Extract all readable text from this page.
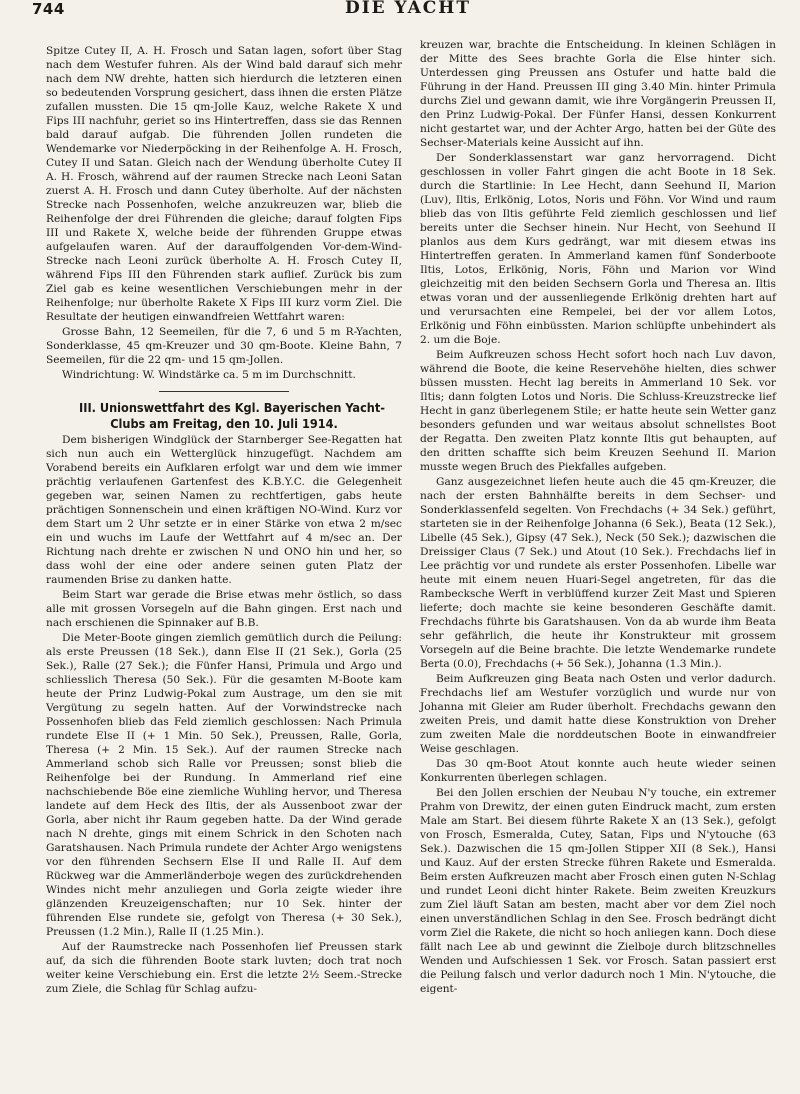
744	DIE YACHT

Spitze Cutey II, A. H. Frosch und Satan lagen, sofort über Stag nach dem Westufer fuhren. Als der Wind bald darauf sich mehr nach dem NW drehte, hatten sich hierdurch die letzteren einen so bedeutenden Vorsprung gesichert, dass ihnen die ersten Plätze zufallen mussten. Die 15 qm-Jolle Kauz, welche Rakete X und Fips III nachfuhr, geriet so ins Hintertreffen, dass sie das Rennen bald darauf aufgab. Die führenden Jollen rundeten die Wendemarke vor Niederpöcking in der Reihenfolge A. H. Frosch, Cutey II und Satan. Gleich nach der Wendung überholte Cutey II A. H. Frosch, während auf der raumen Strecke nach Leoni Satan zuerst A. H. Frosch und dann Cutey überholte. Auf der nächsten Strecke nach Possenhofen, welche anzukreuzen war, blieb die Reihenfolge der drei Führenden die gleiche; darauf folgten Fips III und Rakete X, welche beide der führenden Gruppe etwas aufgelaufen waren. Auf der darauffolgenden Vor-dem-Wind-Strecke nach Leoni zurück überholte A. H. Frosch Cutey II, während Fips III den Führenden stark auflief. Zurück bis zum Ziel gab es keine wesentlichen Verschiebungen mehr in der Reihenfolge; nur überholte Rakete X Fips III kurz vorm Ziel. Die Resultate der heutigen einwandfreien Wettfahrt waren:

Grosse Bahn, 12 Seemeilen, für die 7, 6 und 5 m R-Yachten, Sonderklasse, 45 qm-Kreuzer und 30 qm-Boote. Kleine Bahn, 7 Seemeilen, für die 22 qm- und 15 qm-Jollen.

Windrichtung: W. Windstärke ca. 5 m im Durchschnitt.

III. Unionswettfahrt des Kgl. Bayerischen Yacht-Clubs am Freitag, den 10. Juli 1914.

Dem bisherigen Windglück der Starnberger See-Regatten hat sich nun auch ein Wetterglück hinzugefügt. Nachdem am Vorabend bereits ein Aufklaren erfolgt war und dem wie immer prächtig verlaufenen Gartenfest des K.B.Y.C. die Gelegenheit gegeben war, seinen Namen zu rechtfertigen, gabs heute prächtigen Sonnenschein und einen kräftigen NO-Wind. Kurz vor dem Start um 2 Uhr setzte er in einer Stärke von etwa 2 m/sec ein und wuchs im Laufe der Wettfahrt auf 4 m/sec an. Der Richtung nach drehte er zwischen N und ONO hin und her, so dass wohl der eine oder andere seinen guten Platz der raumenden Brise zu danken hatte.

Beim Start war gerade die Brise etwas mehr östlich, so dass alle mit grossen Vorsegeln auf die Bahn gingen. Erst nach und nach erschienen die Spinnaker auf B.B.

Die Meter-Boote gingen ziemlich gemütlich durch die Peilung: als erste Preussen (18 Sek.), dann Else II (21 Sek.), Gorla (25 Sek.), Ralle (27 Sek.); die Fünfer Hansi, Primula und Argo und schliesslich Theresa (50 Sek.). Für die gesamten M-Boote kam heute der Prinz Ludwig-Pokal zum Austrage, um den sie mit Vergütung zu segeln hatten. Auf der Vorwindstrecke nach Possenhofen blieb das Feld ziemlich geschlossen: Nach Primula rundete Else II (+ 1 Min. 50 Sek.), Preussen, Ralle, Gorla, Theresa (+ 2 Min. 15 Sek.). Auf der raumen Strecke nach Ammerland schob sich Ralle vor Preussen; sonst blieb die Reihenfolge bei der Rundung. In Ammerland rief eine nachschiebende Böe eine ziemliche Wuhling hervor, und Theresa landete auf dem Heck des Iltis, der als Aussenboot zwar der Gorla, aber nicht ihr Raum gegeben hatte. Da der Wind gerade nach N drehte, gings mit einem Schrick in den Schoten nach Garatshausen. Nach Primula rundete der Achter Argo wenigstens vor den führenden Sechsern Else II und Ralle II. Auf dem Rückweg war die Ammerländerboje wegen des zurückdrehenden Windes nicht mehr anzuliegen und Gorla zeigte wieder ihre glänzenden Kreuzeigenschaften; nur 10 Sek. hinter der führenden Else rundete sie, gefolgt von Theresa (+ 30 Sek.), Preussen (1.2 Min.), Ralle II (1.25 Min.).

Auf der Raumstrecke nach Possenhofen lief Preussen stark auf, da sich die führenden Boote stark luvten; doch trat noch weiter keine Verschiebung ein. Erst die letzte 2½ Seem.-Strecke zum Ziele, die Schlag für Schlag aufzu-

kreuzen war, brachte die Entscheidung. In kleinen Schlägen in der Mitte des Sees brachte Gorla die Else hinter sich. Unterdessen ging Preussen ans Ostufer und hatte bald die Führung in der Hand. Preussen III ging 3.40 Min. hinter Primula durchs Ziel und gewann damit, wie ihre Vorgängerin Preussen II, den Prinz Ludwig-Pokal. Der Fünfer Hansi, dessen Konkurrent nicht gestartet war, und der Achter Argo, hatten bei der Güte des Sechser-Materials keine Aussicht auf ihn.

Der Sonderklassenstart war ganz hervorragend. Dicht geschlossen in voller Fahrt gingen die acht Boote in 18 Sek. durch die Startlinie: In Lee Hecht, dann Seehund II, Marion (Luv), Iltis, Erlkönig, Lotos, Noris und Föhn. Vor Wind und raum blieb das von Iltis geführte Feld ziemlich geschlossen und lief bereits unter die Sechser hinein. Nur Hecht, von Seehund II planlos aus dem Kurs gedrängt, war mit diesem etwas ins Hintertreffen geraten. In Ammerland kamen fünf Sonderboote Iltis, Lotos, Erlkönig, Noris, Föhn und Marion vor Wind gleichzeitig mit den beiden Sechsern Gorla und Theresa an. Iltis etwas voran und der aussenliegende Erlkönig drehten hart auf und verursachten eine Rempelei, bei der vor allem Lotos, Erlkönig und Föhn einbüssten. Marion schlüpfte unbehindert als 2. um die Boje.

Beim Aufkreuzen schoss Hecht sofort hoch nach Luv davon, während die Boote, die keine Reservehöhe hielten, dies schwer büssen mussten. Hecht lag bereits in Ammerland 10 Sek. vor Iltis; dann folgten Lotos und Noris. Die Schluss-Kreuzstrecke lief Hecht in ganz überlegenem Stile; er hatte heute sein Wetter ganz besonders gefunden und war weitaus absolut schnellstes Boot der Regatta. Den zweiten Platz konnte Iltis gut behaupten, auf den dritten schaffte sich beim Kreuzen Seehund II. Marion musste wegen Bruch des Piekfalles aufgeben.

Ganz ausgezeichnet liefen heute auch die 45 qm-Kreuzer, die nach der ersten Bahnhälfte bereits in dem Sechser- und Sonderklassenfeld segelten. Von Frechdachs (+ 34 Sek.) geführt, starteten sie in der Reihenfolge Johanna (6 Sek.), Beata (12 Sek.), Libelle (45 Sek.), Gipsy (47 Sek.), Neck (50 Sek.); dazwischen die Dreissiger Claus (7 Sek.) und Atout (10 Sek.). Frechdachs lief in Lee prächtig vor und rundete als erster Possenhofen. Libelle war heute mit einem neuen Huari-Segel angetreten, für das die Rambecksche Werft in verblüffend kurzer Zeit Mast und Spieren lieferte; doch machte sie keine besonderen Geschäfte damit. Frechdachs führte bis Garatshausen. Von da ab wurde ihm Beata sehr gefährlich, die heute ihr Konstrukteur mit grossem Vorsegeln auf die Beine brachte. Die letzte Wendemarke rundete Berta (0.0), Frechdachs (+ 56 Sek.), Johanna (1.3 Min.).

Beim Aufkreuzen ging Beata nach Osten und verlor dadurch. Frechdachs lief am Westufer vorzüglich und wurde nur von Johanna mit Gleier am Ruder überholt. Frechdachs gewann den zweiten Preis, und damit hatte diese Konstruktion von Dreher zum zweiten Male die norddeutschen Boote in einwandfreier Weise geschlagen.

Das 30 qm-Boot Atout konnte auch heute wieder seinen Konkurrenten überlegen schlagen.

Bei den Jollen erschien der Neubau N'y touche, ein extremer Prahm von Drewitz, der einen guten Eindruck macht, zum ersten Male am Start. Bei diesem führte Rakete X an (13 Sek.), gefolgt von Frosch, Esmeralda, Cutey, Satan, Fips und N'ytouche (63 Sek.). Dazwischen die 15 qm-Jollen Stipper XII (8 Sek.), Hansi und Kauz. Auf der ersten Strecke führen Rakete und Esmeralda. Beim ersten Aufkreuzen macht aber Frosch einen guten N-Schlag und rundet Leoni dicht hinter Rakete. Beim zweiten Kreuzkurs zum Ziel läuft Satan am besten, macht aber vor dem Ziel noch einen unverständlichen Schlag in den See. Frosch bedrängt dicht vorm Ziel die Rakete, die nicht so hoch anliegen kann. Doch diese fällt nach Lee ab und gewinnt die Zielboje durch blitzschnelles Wenden und Aufschiessen 1 Sek. vor Frosch. Satan passiert erst die Peilung falsch und verlor dadurch noch 1 Min. N'ytouche, die eigent-
